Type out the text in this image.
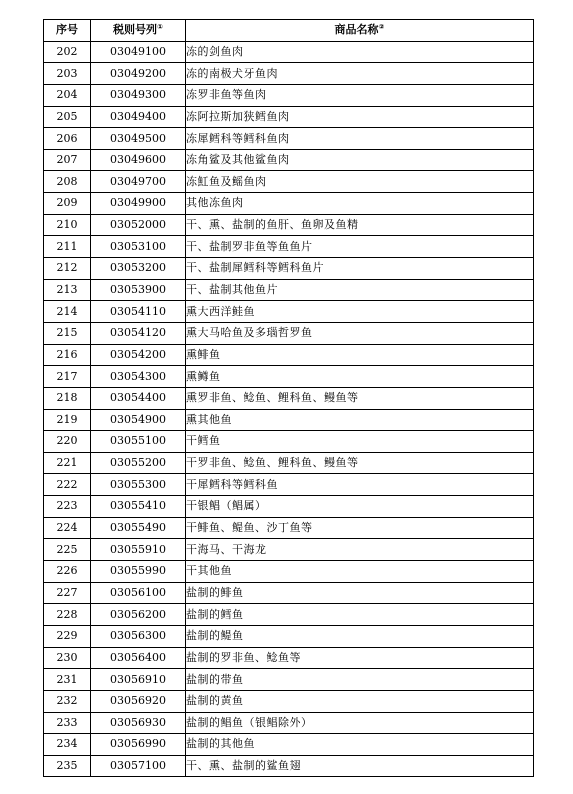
序号	税则号列①	商品名称②
202	03049100	冻的剑鱼肉
203	03049200	冻的南极犬牙鱼肉
204	03049300	冻罗非鱼等鱼肉
205	03049400	冻阿拉斯加狭鳕鱼肉
206	03049500	冻犀鳕科等鳕科鱼肉
207	03049600	冻角鲨及其他鲨鱼肉
208	03049700	冻魟鱼及鳐鱼肉
209	03049900	其他冻鱼肉
210	03052000	干、熏、盐制的鱼肝、鱼卵及鱼精
211	03053100	干、盐制罗非鱼等鱼鱼片
212	03053200	干、盐制犀鳕科等鳕科鱼片
213	03053900	干、盐制其他鱼片
214	03054110	熏大西洋鲑鱼
215	03054120	熏大马哈鱼及多瑙哲罗鱼
216	03054200	熏鲱鱼
217	03054300	熏鳟鱼
218	03054400	熏罗非鱼、鲶鱼、鲤科鱼、鳗鱼等
219	03054900	熏其他鱼
220	03055100	干鳕鱼
221	03055200	干罗非鱼、鲶鱼、鲤科鱼、鳗鱼等
222	03055300	干犀鳕科等鳕科鱼
223	03055410	干银鲳（鲳属）
224	03055490	干鲱鱼、鳀鱼、沙丁鱼等
225	03055910	干海马、干海龙
226	03055990	干其他鱼
227	03056100	盐制的鲱鱼
228	03056200	盐制的鳕鱼
229	03056300	盐制的鳀鱼
230	03056400	盐制的罗非鱼、鲶鱼等
231	03056910	盐制的带鱼
232	03056920	盐制的黄鱼
233	03056930	盐制的鲳鱼（银鲳除外）
234	03056990	盐制的其他鱼
235	03057100	干、熏、盐制的鲨鱼翅
